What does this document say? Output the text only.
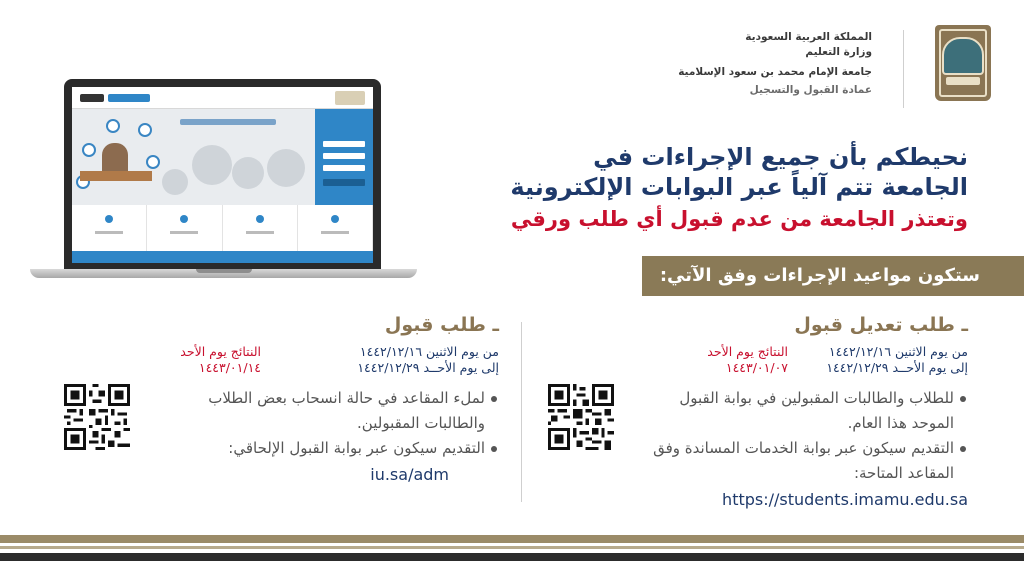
المملكة العربية السعودية
وزارة التعليم
جامعة الإمام محمد بن سعود الإسلامية
عمادة القبول والتسجيل
نحيطكم بأن جميع الإجراءات في
الجامعة تتم آلياً عبر البوابات الإلكترونية
وتعتذر الجامعة من عدم قبول أي طلب ورقي
ستكون مواعيد الإجراءات وفق الآتي:
ـ طلب تعديل قبول
من يوم الاثنين ١٤٤٢/١٢/١٦
إلى يوم الأحــد ١٤٤٢/١٢/٢٩
النتائج يوم الأحد
١٤٤٣/٠١/٠٧
للطلاب والطالبات المقبولين في بوابة القبول الموحد هذا العام.
التقديم سيكون عبر بوابة الخدمات المساندة وفق المقاعد المتاحة:
https://students.imamu.edu.sa
ـ طلب قبول
من يوم الاثنين ١٤٤٢/١٢/١٦
إلى يوم الأحــد ١٤٤٢/١٢/٢٩
النتائج يوم الأحد
١٤٤٣/٠١/١٤
لملء المقاعد في حالة انسحاب بعض الطلاب والطالبات المقبولين.
التقديم سيكون عبر بوابة القبول الإلحاقي:
iu.sa/adm
